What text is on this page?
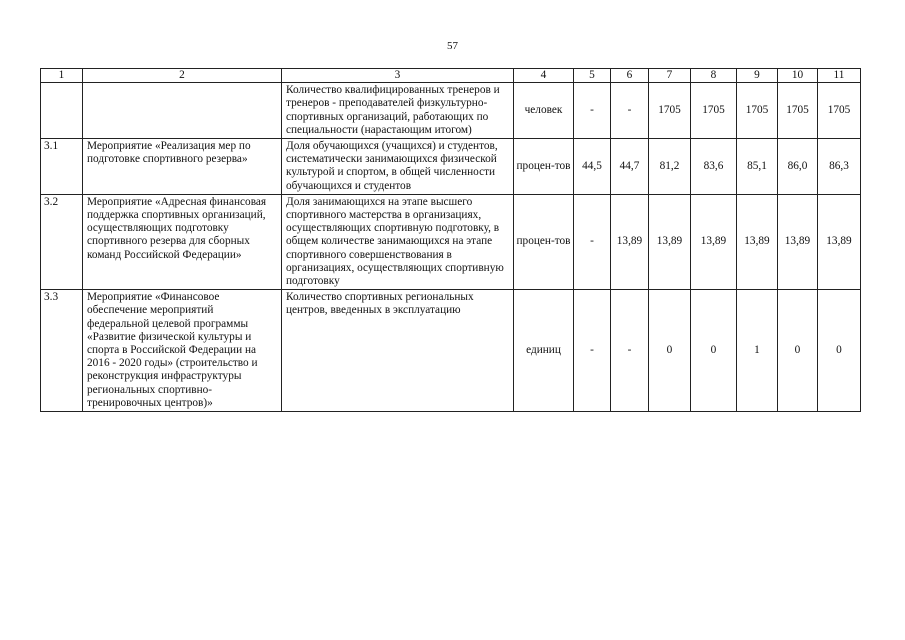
57
1	2	3	4	5	6	7	8	9	10	11
		Количество квалифицированных тренеров и тренеров - преподавателей физкультурно-спортивных организаций, работающих по специальности (нарастающим итогом)	человек	-	-	1705	1705	1705	1705	1705
3.1	Мероприятие «Реализация мер по подготовке спортивного резерва»	Доля обучающихся (учащихся) и студентов, систематически занимающихся физической культурой и спортом, в общей численности обучающихся и студентов	процен-тов	44,5	44,7	81,2	83,6	85,1	86,0	86,3
3.2	Мероприятие «Адресная финансовая поддержка спортивных организаций, осуществляющих подготовку спортивного резерва для сборных команд Российской Федерации»	Доля занимающихся на этапе высшего спортивного мастерства в организациях, осуществляющих спортивную подготовку, в общем количестве занимающихся на этапе спортивного совершенствования в организациях, осуществляющих спортивную подготовку	процен-тов	-	13,89	13,89	13,89	13,89	13,89	13,89
3.3	Мероприятие «Финансовое обеспечение мероприятий федеральной целевой программы «Развитие физической культуры и спорта в Российской Федерации на 2016 - 2020 годы» (строительство и реконструкция инфраструктуры региональных спортивно-тренировочных центров)»	Количество спортивных региональных центров, введенных в эксплуатацию	единиц	-	-	0	0	1	0	0
